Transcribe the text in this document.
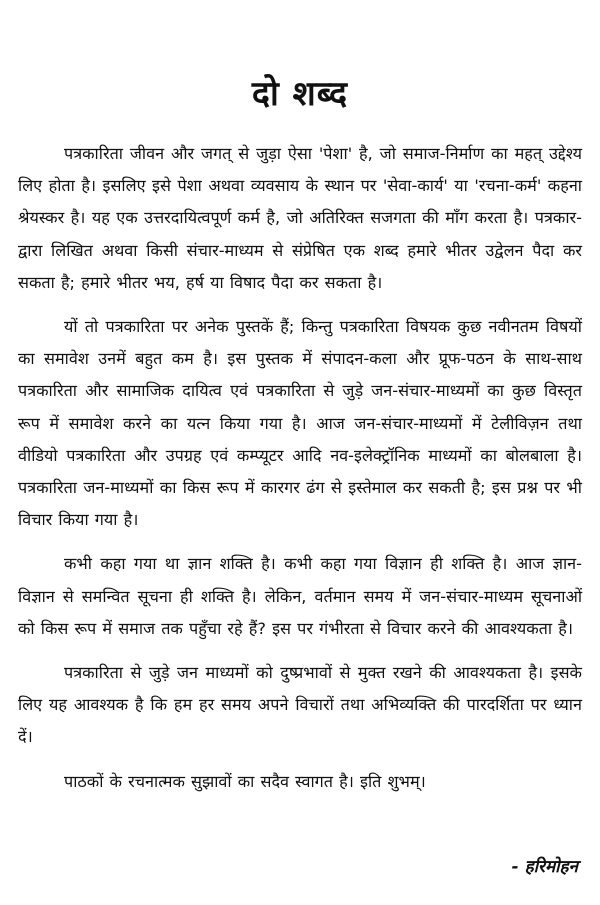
दो शब्द

पत्रकारिता जीवन और जगत् से जुड़ा ऐसा 'पेशा' है, जो समाज-निर्माण का महत् उद्देश्य लिए होता है। इसलिए इसे पेशा अथवा व्यवसाय के स्थान पर 'सेवा-कार्य' या 'रचना-कर्म' कहना श्रेयस्कर है। यह एक उत्तरदायित्वपूर्ण कर्म है, जो अतिरिक्त सजगता की माँग करता है। पत्रकार-द्वारा लिखित अथवा किसी संचार-माध्यम से संप्रेषित एक शब्द हमारे भीतर उद्वेलन पैदा कर सकता है; हमारे भीतर भय, हर्ष या विषाद पैदा कर सकता है।

यों तो पत्रकारिता पर अनेक पुस्तकें हैं; किन्तु पत्रकारिता विषयक कुछ नवीनतम विषयों का समावेश उनमें बहुत कम है। इस पुस्तक में संपादन-कला और प्रूफ-पठन के साथ-साथ पत्रकारिता और सामाजिक दायित्व एवं पत्रकारिता से जुड़े जन-संचार-माध्यमों का कुछ विस्तृत रूप में समावेश करने का यत्न किया गया है। आज जन-संचार-माध्यमों में टेलीविज़न तथा वीडियो पत्रकारिता और उपग्रह एवं कम्प्यूटर आदि नव-इलेक्ट्रॉनिक माध्यमों का बोलबाला है। पत्रकारिता जन-माध्यमों का किस रूप में कारगर ढंग से इस्तेमाल कर सकती है; इस प्रश्न पर भी विचार किया गया है।

कभी कहा गया था ज्ञान शक्ति है। कभी कहा गया विज्ञान ही शक्ति है। आज ज्ञान-विज्ञान से समन्वित सूचना ही शक्ति है। लेकिन, वर्तमान समय में जन-संचार-माध्यम सूचनाओं को किस रूप में समाज तक पहुँचा रहे हैं? इस पर गंभीरता से विचार करने की आवश्यकता है।

पत्रकारिता से जुड़े जन माध्यमों को दुष्प्रभावों से मुक्त रखने की आवश्यकता है। इसके लिए यह आवश्यक है कि हम हर समय अपने विचारों तथा अभिव्यक्ति की पारदर्शिता पर ध्यान दें।

पाठकों के रचनात्मक सुझावों का सदैव स्वागत है। इति शुभम्।

- हरिमोहन
